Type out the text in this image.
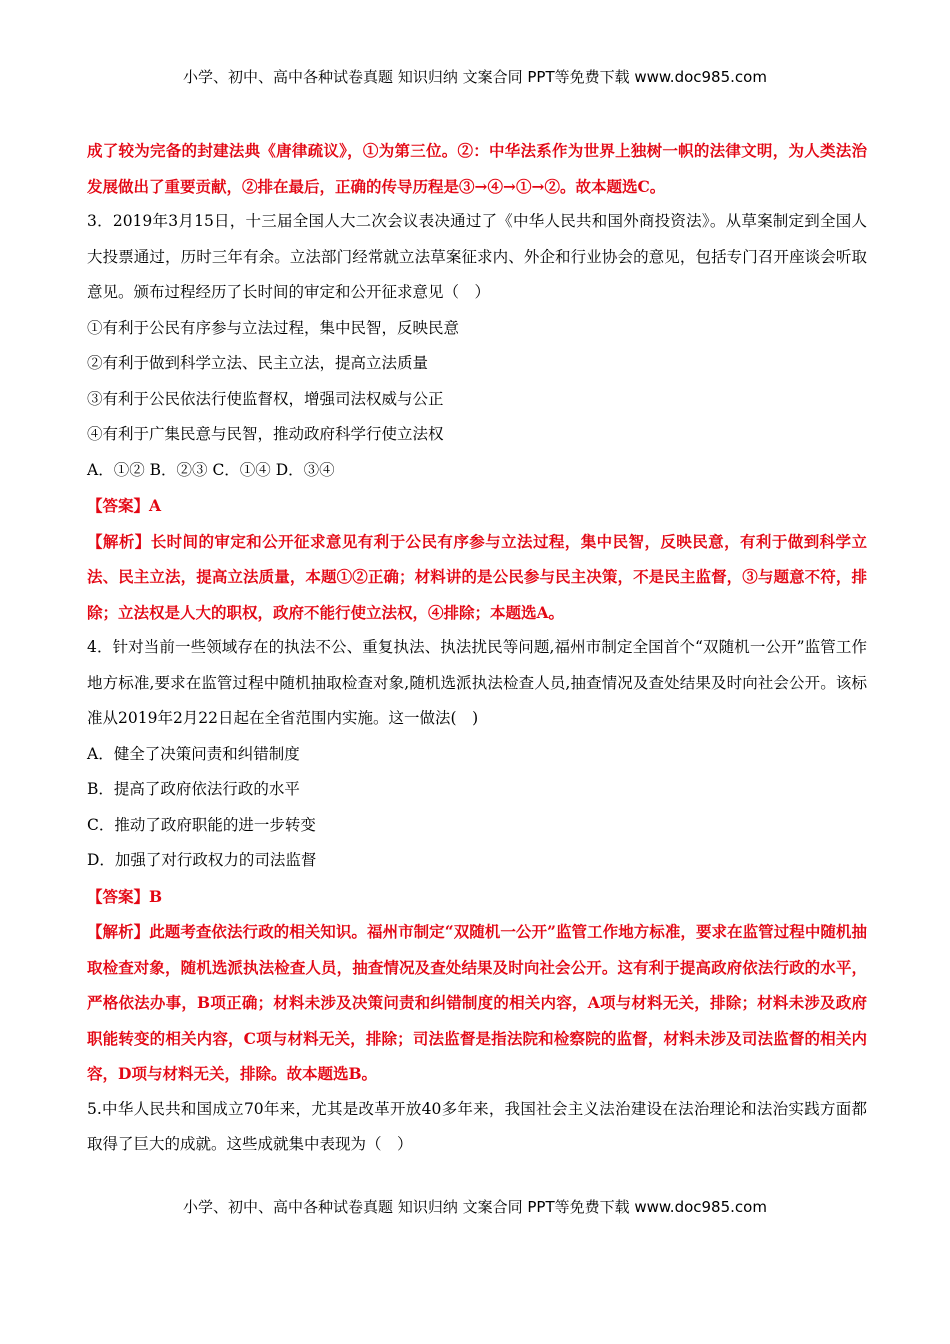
小学、初中、高中各种试卷真题 知识归纳 文案合同 PPT等免费下载 www.doc985.com

成了较为完备的封建法典《唐律疏议》，①为第三位。②：中华法系作为世界上独树一帜的法律文明，为人类法治发展做出了重要贡献，②排在最后，正确的传导历程是③→④→①→②。故本题选C。

3．2019年3月15日，十三届全国人大二次会议表决通过了《中华人民共和国外商投资法》。从草案制定到全国人大投票通过，历时三年有余。立法部门经常就立法草案征求内、外企和行业协会的意见，包括专门召开座谈会听取意见。颁布过程经历了长时间的审定和公开征求意见（　）

①有利于公民有序参与立法过程，集中民智，反映民意

②有利于做到科学立法、民主立法，提高立法质量

③有利于公民依法行使监督权，增强司法权威与公正

④有利于广集民意与民智，推动政府科学行使立法权

A．①② B．②③ C．①④ D．③④

【答案】A

【解析】长时间的审定和公开征求意见有利于公民有序参与立法过程，集中民智，反映民意，有利于做到科学立法、民主立法，提高立法质量，本题①②正确；材料讲的是公民参与民主决策，不是民主监督，③与题意不符，排除；立法权是人大的职权，政府不能行使立法权，④排除；本题选A。

4．针对当前一些领域存在的执法不公、重复执法、执法扰民等问题,福州市制定全国首个“双随机一公开”监管工作地方标准,要求在监管过程中随机抽取检查对象,随机选派执法检查人员,抽查情况及查处结果及时向社会公开。该标准从2019年2月22日起在全省范围内实施。这一做法(　)

A．健全了决策问责和纠错制度

B．提高了政府依法行政的水平

C．推动了政府职能的进一步转变

D．加强了对行政权力的司法监督

【答案】B

【解析】此题考查依法行政的相关知识。福州市制定“双随机一公开”监管工作地方标准，要求在监管过程中随机抽取检查对象，随机选派执法检查人员，抽查情况及查处结果及时向社会公开。这有利于提高政府依法行政的水平，严格依法办事，B项正确；材料未涉及决策问责和纠错制度的相关内容，A项与材料无关，排除；材料未涉及政府职能转变的相关内容，C项与材料无关，排除；司法监督是指法院和检察院的监督，材料未涉及司法监督的相关内容，D项与材料无关，排除。故本题选B。

5.中华人民共和国成立70年来，尤其是改革开放40多年来，我国社会主义法治建设在法治理论和法治实践方面都取得了巨大的成就。这些成就集中表现为（　）

小学、初中、高中各种试卷真题 知识归纳 文案合同 PPT等免费下载 www.doc985.com
